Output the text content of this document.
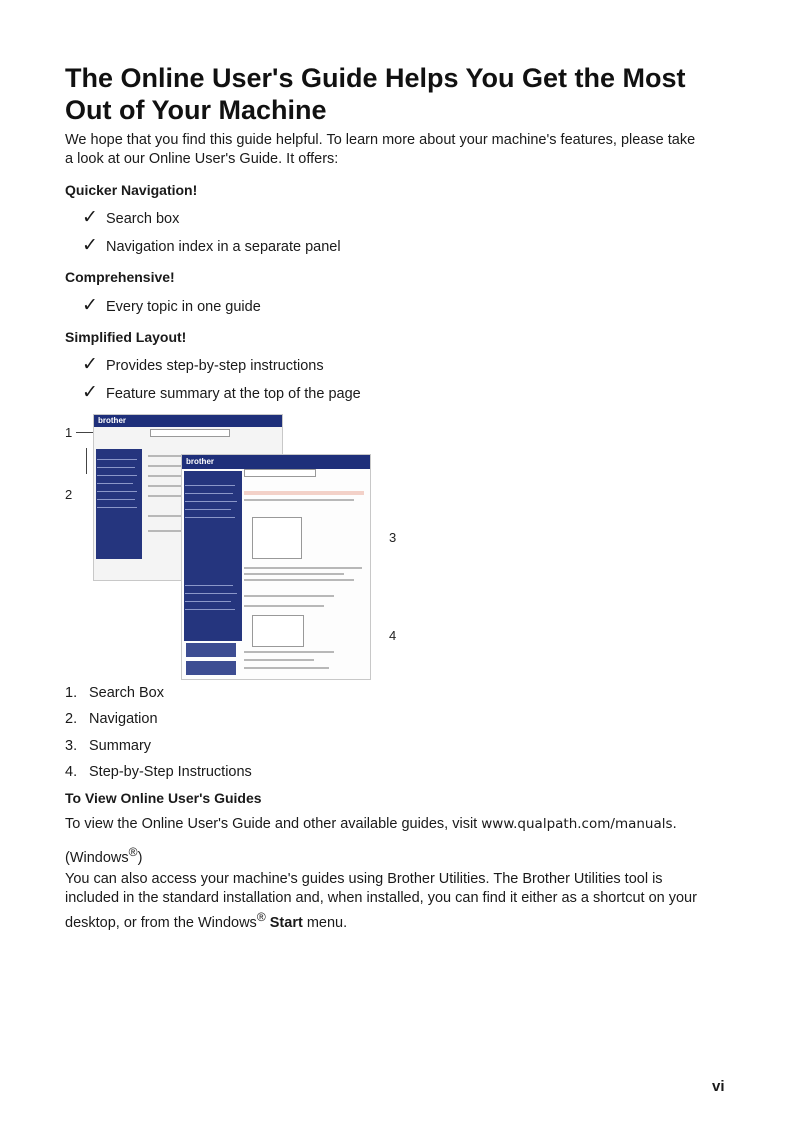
The Online User's Guide Helps You Get the Most Out of Your Machine

We hope that you find this guide helpful. To learn more about your machine's features, please take a look at our Online User's Guide. It offers:

Quicker Navigation!

✓ Search box
✓ Navigation index in a separate panel

Comprehensive!

✓ Every topic in one guide

Simplified Layout!

✓ Provides step-by-step instructions
✓ Feature summary at the top of the page
1
2
3
4
brother
brother
1. Search Box
2. Navigation
3. Summary
4. Step-by-Step Instructions

To View Online User's Guides

To view the Online User's Guide and other available guides, visit www.qualpath.com/manuals.

(Windows®)

You can also access your machine's guides using Brother Utilities. The Brother Utilities tool is included in the standard installation and, when installed, you can find it either as a shortcut on your desktop, or from the Windows® Start menu.

vi
